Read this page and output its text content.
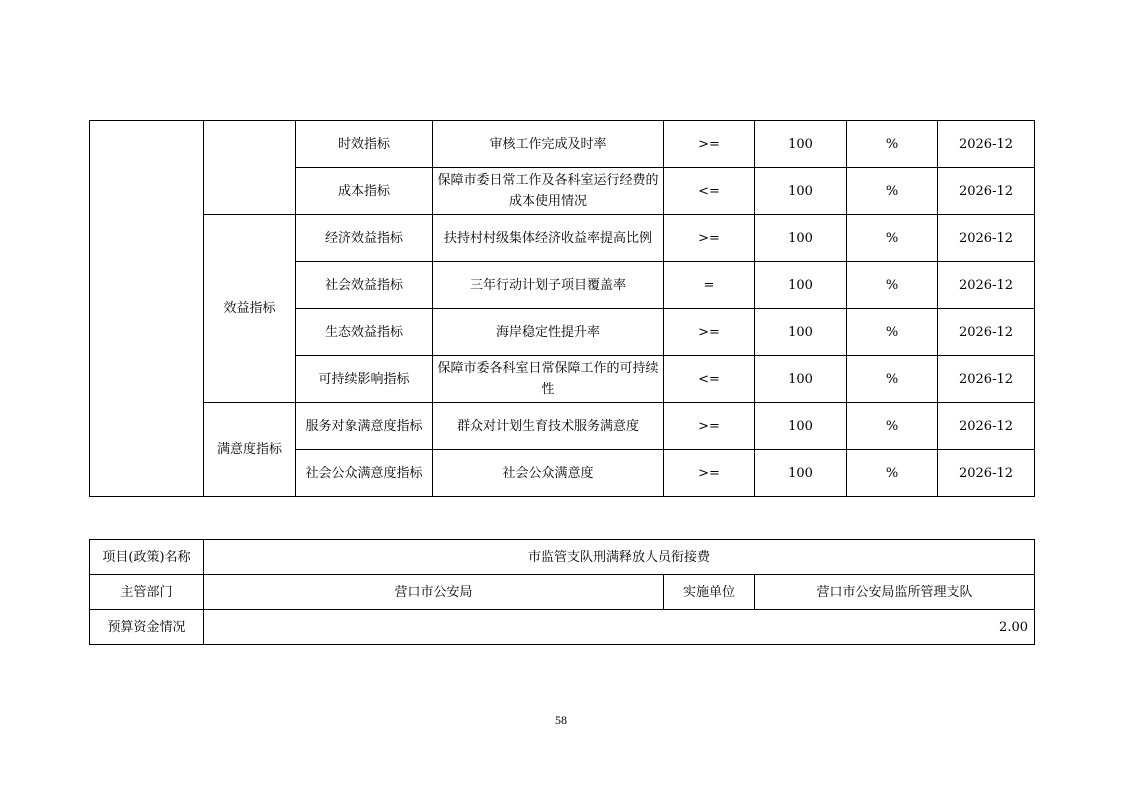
		时效指标	审核工作完成及时率	>=	100	%	2026-12
		成本指标	保障市委日常工作及各科室运行经费的成本使用情况	<=	100	%	2026-12
	效益指标	经济效益指标	扶持村村级集体经济收益率提高比例	>=	100	%	2026-12
		社会效益指标	三年行动计划子项目覆盖率	=	100	%	2026-12
		生态效益指标	海岸稳定性提升率	>=	100	%	2026-12
		可持续影响指标	保障市委各科室日常保障工作的可持续性	<=	100	%	2026-12
	满意度指标	服务对象满意度指标	群众对计划生育技术服务满意度	>=	100	%	2026-12
		社会公众满意度指标	社会公众满意度	>=	100	%	2026-12
项目(政策)名称	市监管支队刑满释放人员衔接费		
主管部门	营口市公安局	实施单位	营口市公安局监所管理支队
预算资金情况	2.00		
58
